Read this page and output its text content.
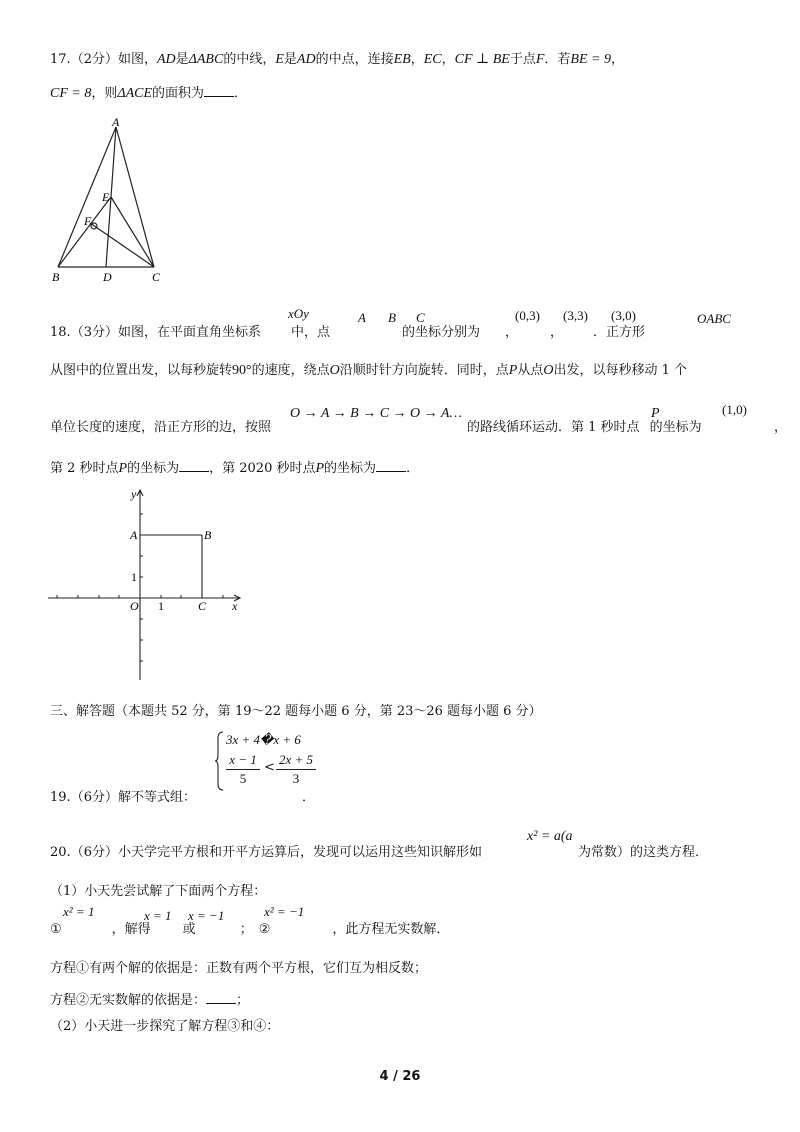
17.（2分）如图，AD是ΔABC的中线，E是AD的中点，连接EB，EC，CF ⊥ BE于点F．若BE = 9，
CF = 8，则ΔACE的面积为 ．
A
E
F
B	D	C
xOy	A B C	(0,3) (3,3) (3,0)	OABC
18.（3分）如图，在平面直角坐标系 中，点	的坐标分别为 ， ， ．正方形
从图中的位置出发，以每秒旋转90°的速度，绕点O沿顺时针方向旋转．同时，点P从点O出发，以每秒移动 1 个
O → A → B → C → O → A…	P	(1,0)
单位长度的速度，沿正方形的边，按照	的路线循环运动．第 1 秒时点 的坐标为	，
第 2 秒时点P的坐标为 ，第 2020 秒时点P的坐标为 ．
y
A	B
1
O 1	C x
三、解答题（本题共 52 分，第 19～22 题每小题 6 分，第 23～26 题每小题 6 分）
3x + 4�x + 6
x − 1
5
<
2x + 5
3
19.（6分）解不等式组：	．
x² = a(a
20.（6分）小天学完平方根和开平方运算后，发现可以运用这些知识解形如	为常数）的这类方程．
（1）小天先尝试解了下面两个方程：
x² = 1	x = 1 x = −1	x² = −1
①	，解得 或	； ②	，此方程无实数解．
方程①有两个解的依据是：正数有两个平方根，它们互为相反数；
方程②无实数解的依据是： ；
（2）小天进一步探究了解方程③和④：
4 / 26
